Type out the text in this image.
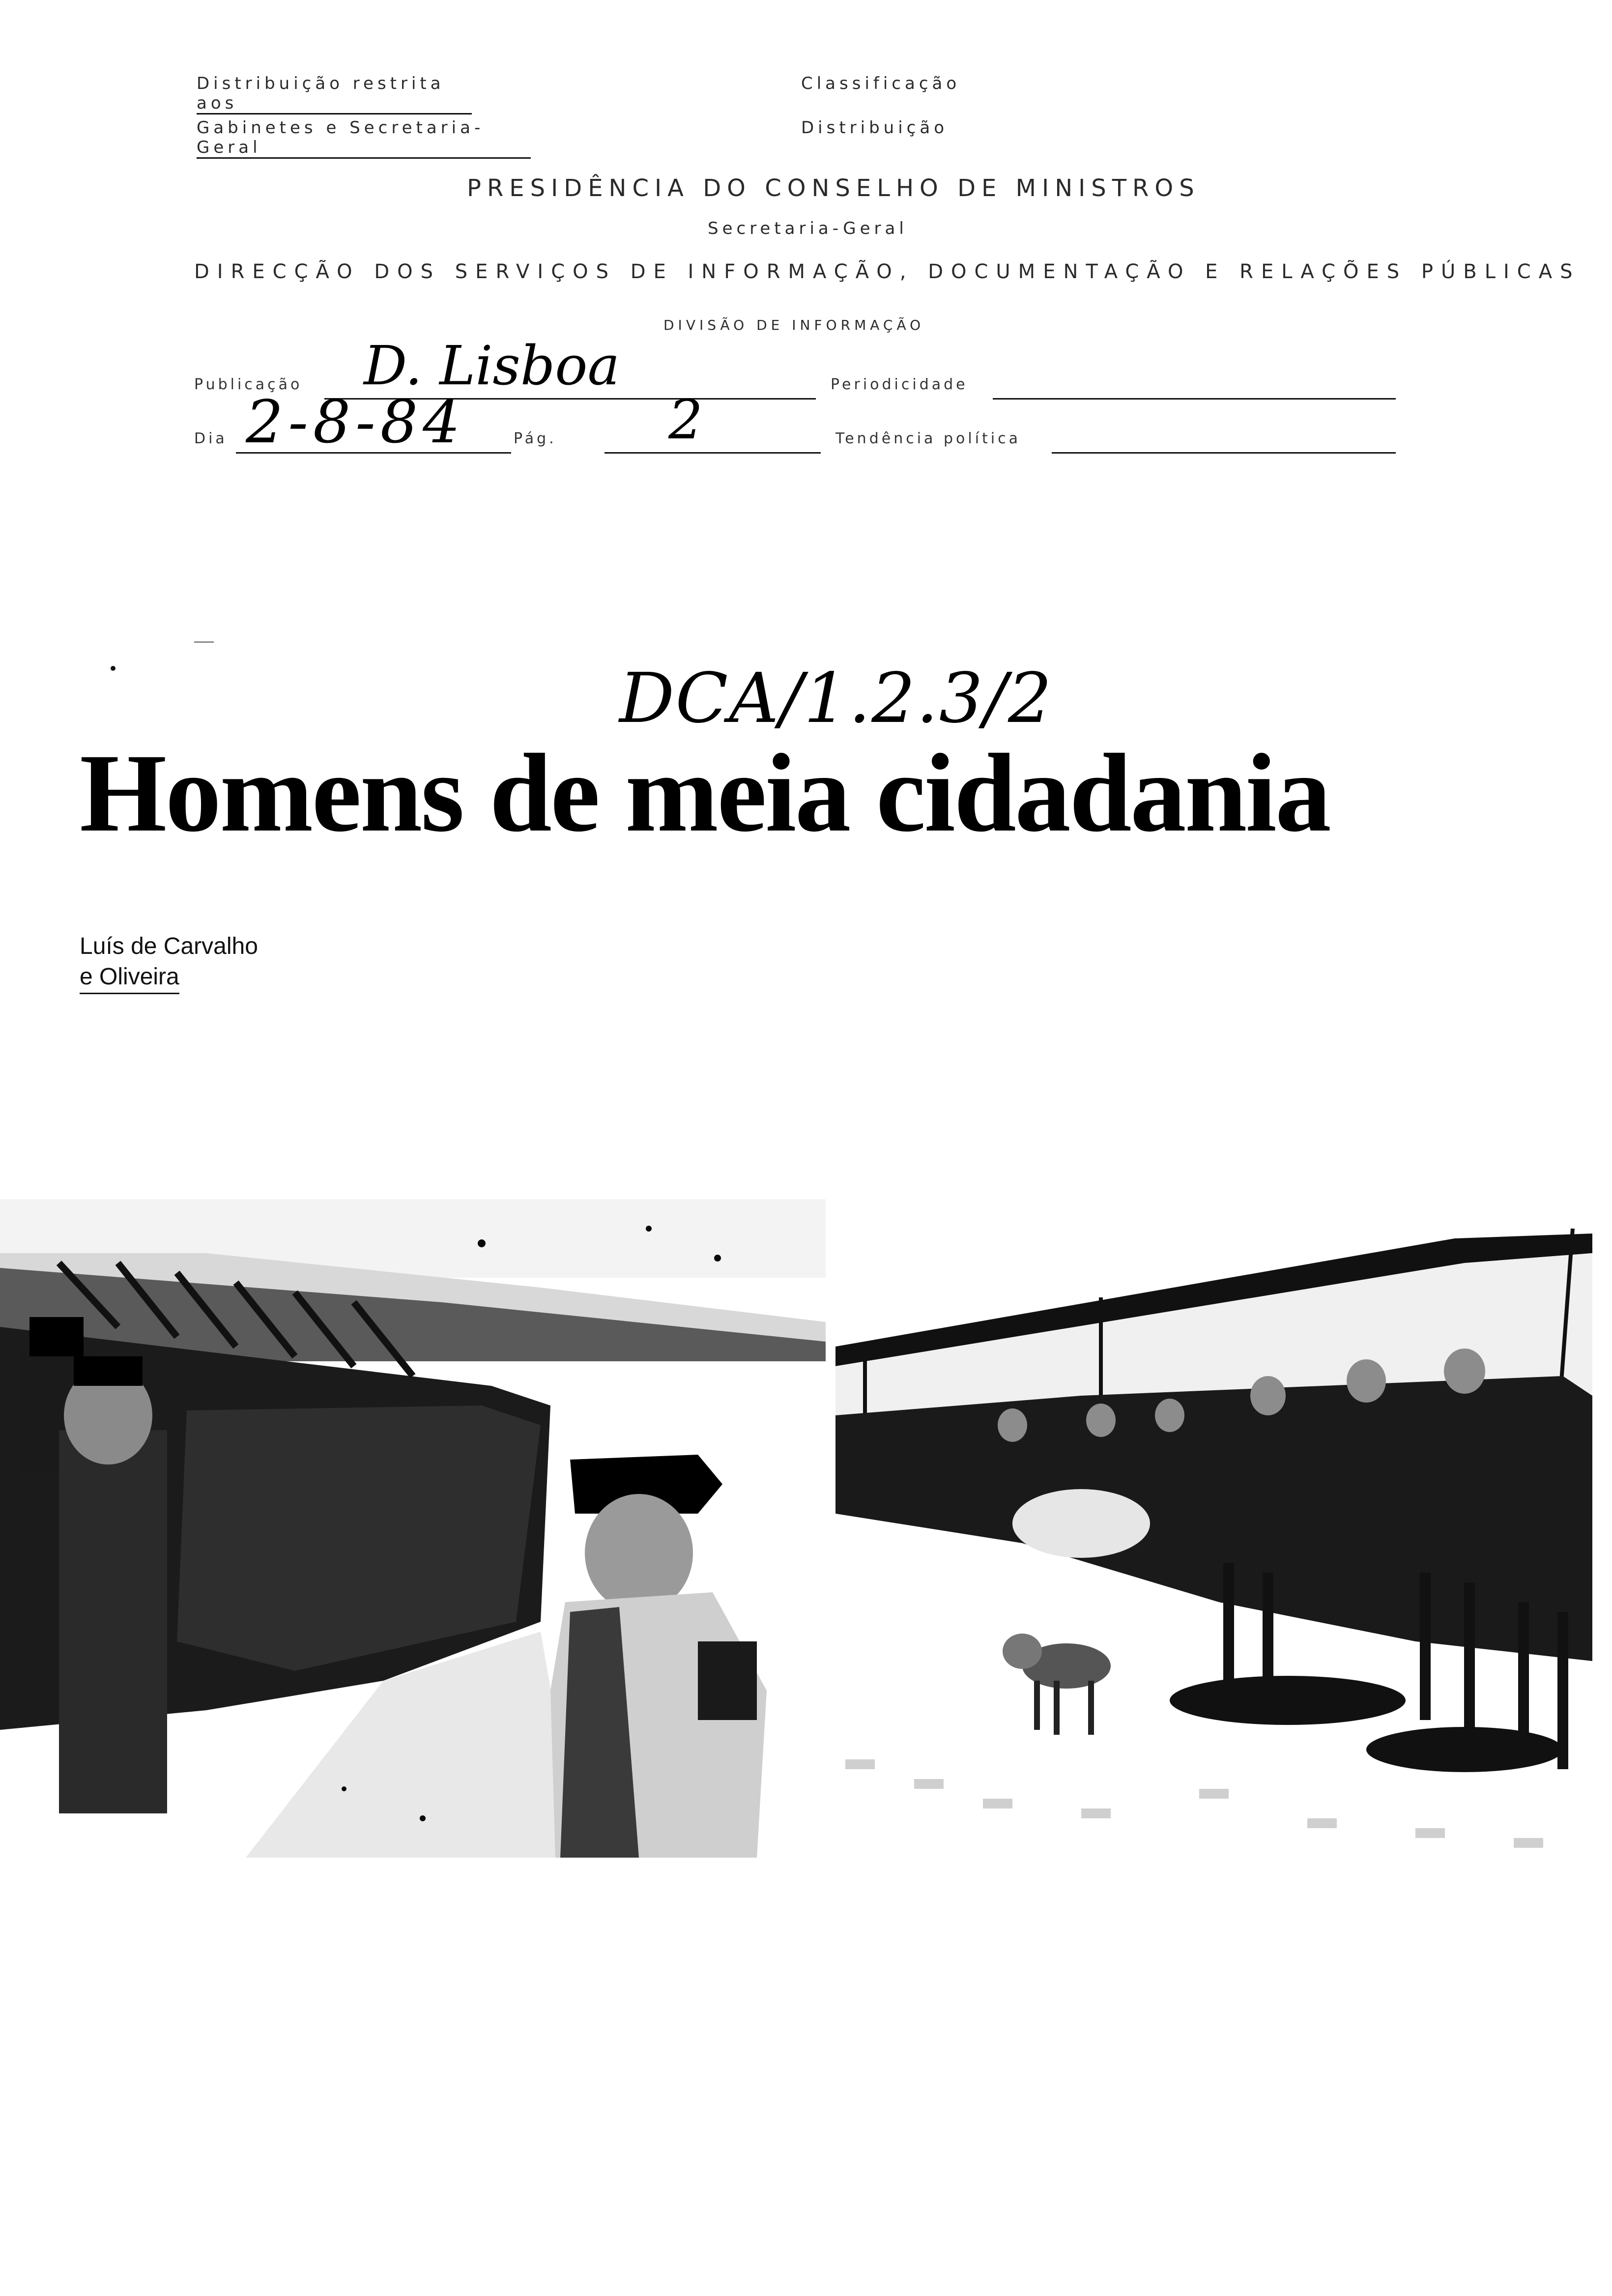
Distribuição restrita aos
Gabinetes e Secretaria-Geral
Classificação
Distribuição
PRESIDÊNCIA DO CONSELHO DE MINISTROS
Secretaria-Geral
DIRECÇÃO DOS SERVIÇOS DE INFORMAÇÃO, DOCUMENTAÇÃO E RELAÇÕES PÚBLICAS
DIVISÃO DE INFORMAÇÃO
Publicação D. Lisboa	Periodicidade
Dia 2-8-84	Pág. 2	Tendência política
DCA/1.2.3/2
Homens de meia cidadania
Luís de Carvalho
e Oliveira
